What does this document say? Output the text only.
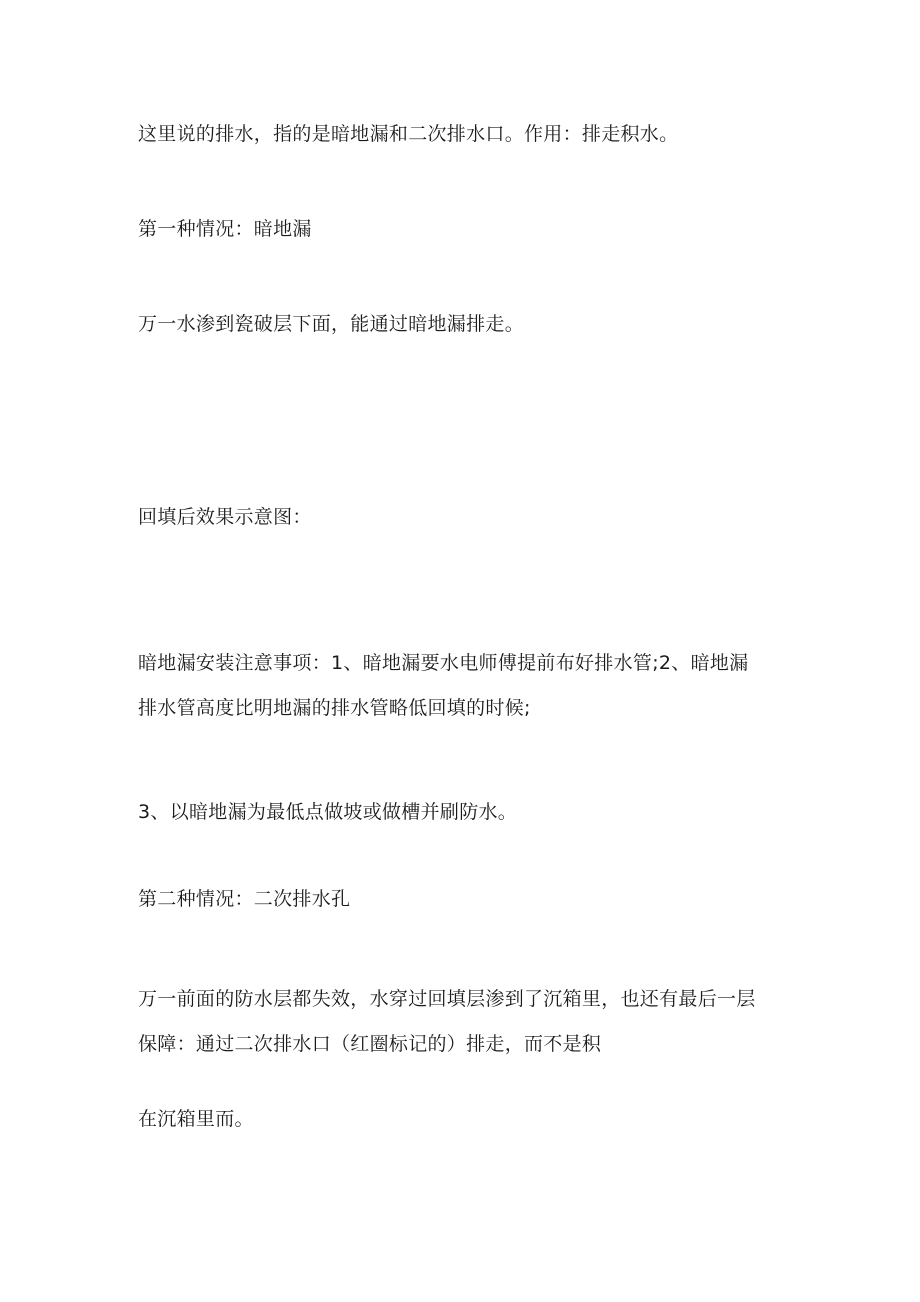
这里说的排水，指的是暗地漏和二次排水口。作用：排走积水。

第一种情况：暗地漏

万一水渗到瓷破层下面，能通过暗地漏排走。

回填后效果示意图：

暗地漏安装注意事项：1、暗地漏要水电师傅提前布好排水管;2、暗地漏

排水管高度比明地漏的排水管略低回填的时候;

3、以暗地漏为最低点做坡或做槽并刷防水。

第二种情况：二次排水孔

万一前面的防水层都失效，水穿过回填层渗到了沉箱里，也还有最后一层

保障：通过二次排水口（红圈标记的）排走，而不是积

在沉箱里而。
